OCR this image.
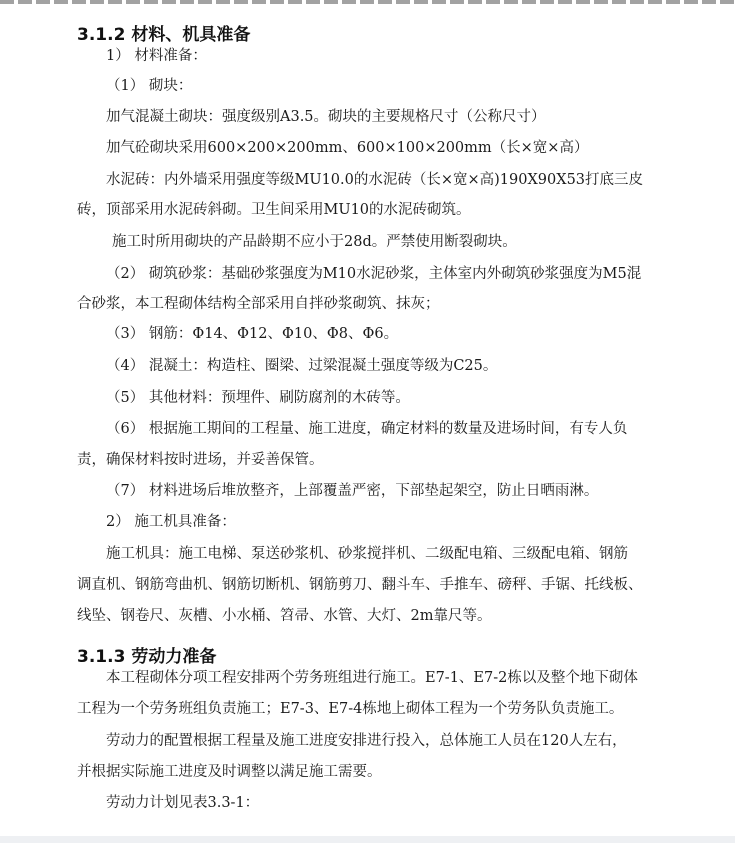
3.1.2 材料、机具准备
1） 材料准备：
（1） 砌块：
加气混凝土砌块：强度级别A3.5。砌块的主要规格尺寸（公称尺寸）
加气砼砌块采用600×200×200mm、600×100×200mm（长×宽×高）
水泥砖：内外墙采用强度等级MU10.0的水泥砖（长×宽×高)190X90X53打底三皮
砖，顶部采用水泥砖斜砌。卫生间采用MU10的水泥砖砌筑。
施工时所用砌块的产品龄期不应小于28d。严禁使用断裂砌块。
（2） 砌筑砂浆：基础砂浆强度为M10水泥砂浆，主体室内外砌筑砂浆强度为M5混
合砂浆，本工程砌体结构全部采用自拌砂浆砌筑、抹灰；
（3） 钢筋：Φ14、Φ12、Φ10、Φ8、Φ6。
（4） 混凝土：构造柱、圈梁、过梁混凝土强度等级为C25。
（5） 其他材料：预埋件、刷防腐剂的木砖等。
（6） 根据施工期间的工程量、施工进度，确定材料的数量及进场时间，有专人负
责，确保材料按时进场，并妥善保管。
（7） 材料进场后堆放整齐，上部覆盖严密，下部垫起架空，防止日晒雨淋。
2） 施工机具准备：
施工机具：施工电梯、泵送砂浆机、砂浆搅拌机、二级配电箱、三级配电箱、钢筋
调直机、钢筋弯曲机、钢筋切断机、钢筋剪刀、翻斗车、手推车、磅秤、手锯、托线板、
线坠、钢卷尺、灰槽、小水桶、笤帚、水管、大灯、2m靠尺等。
3.1.3 劳动力准备
本工程砌体分项工程安排两个劳务班组进行施工。E7-1、E7-2栋以及整个地下砌体
工程为一个劳务班组负责施工；E7-3、E7-4栋地上砌体工程为一个劳务队负责施工。
劳动力的配置根据工程量及施工进度安排进行投入，总体施工人员在120人左右，
并根据实际施工进度及时调整以满足施工需要。
劳动力计划见表3.3-1：
